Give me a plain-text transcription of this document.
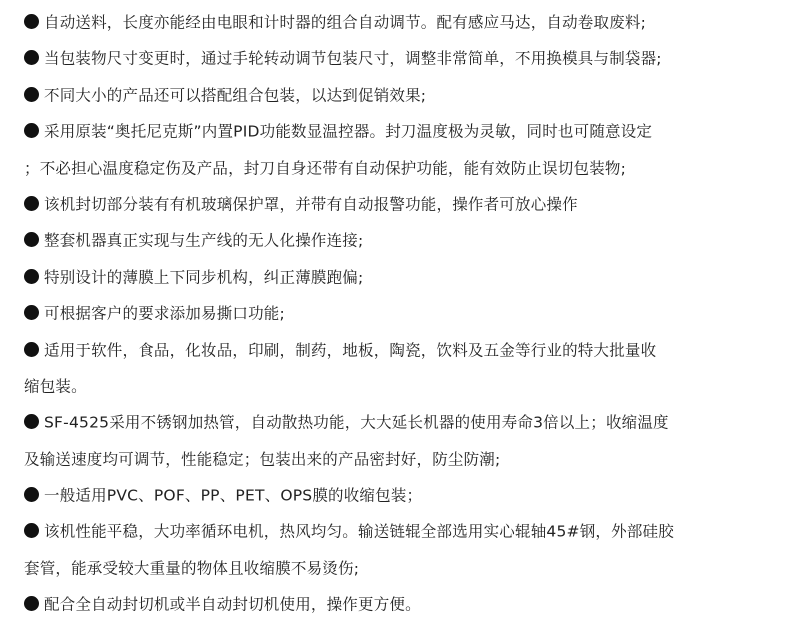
自动送料，长度亦能经由电眼和计时器的组合自动调节。配有感应马达，自动卷取废料;
当包装物尺寸变更时，通过手轮转动调节包装尺寸，调整非常简单，不用换模具与制袋器;
不同大小的产品还可以搭配组合包装，以达到促销效果;
采用原装“奥托尼克斯”内置PID功能数显温控器。封刀温度极为灵敏，同时也可随意设定
；不必担心温度稳定伤及产品，封刀自身还带有自动保护功能，能有效防止误切包装物;
该机封切部分装有有机玻璃保护罩，并带有自动报警功能，操作者可放心操作
整套机器真正实现与生产线的无人化操作连接;
特别设计的薄膜上下同步机构，纠正薄膜跑偏;
可根据客户的要求添加易撕口功能;
适用于软件，食品，化妆品，印刷，制药，地板，陶瓷，饮料及五金等行业的特大批量收
缩包装。
SF-4525采用不锈钢加热管，自动散热功能，大大延长机器的使用寿命3倍以上；收缩温度
及输送速度均可调节，性能稳定；包装出来的产品密封好，防尘防潮;
一般适用PVC、POF、PP、PET、OPS膜的收缩包装；
该机性能平稳，大功率循环电机，热风均匀。输送链辊全部选用实心辊轴45#钢，外部硅胶
套管，能承受较大重量的物体且收缩膜不易烫伤;
配合全自动封切机或半自动封切机使用，操作更方便。
